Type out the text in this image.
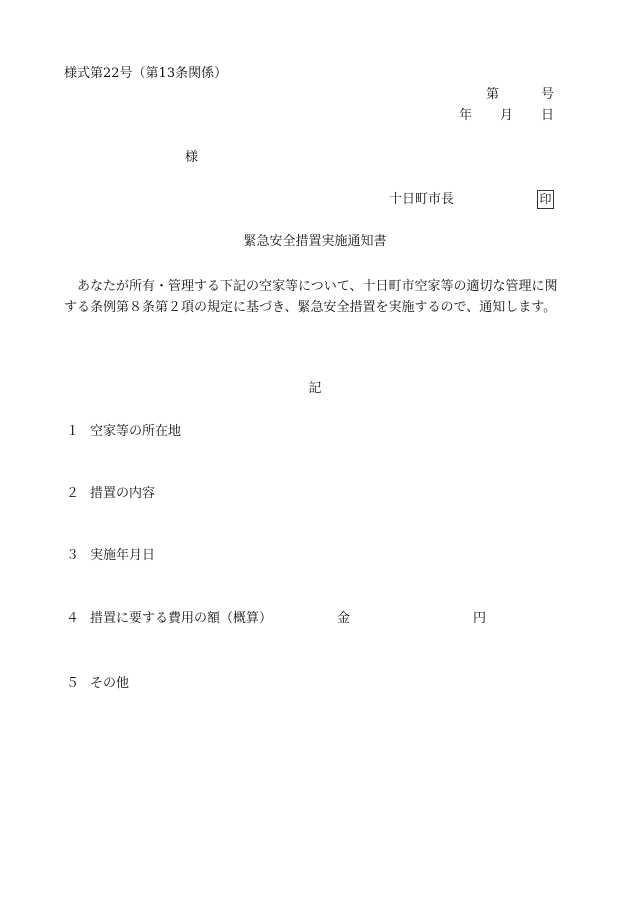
様式第22号（第13条関係）
第	号
年 月 日
様
十日町市長	印
緊急安全措置実施通知書
あなたが所有・管理する下記の空家等について、十日町市空家等の適切な管理に関する条例第８条第２項の規定に基づき、緊急安全措置を実施するので、通知します。
記
１ 空家等の所在地
２ 措置の内容
３ 実施年月日
４ 措置に要する費用の額（概算）	金	円
５ その他
